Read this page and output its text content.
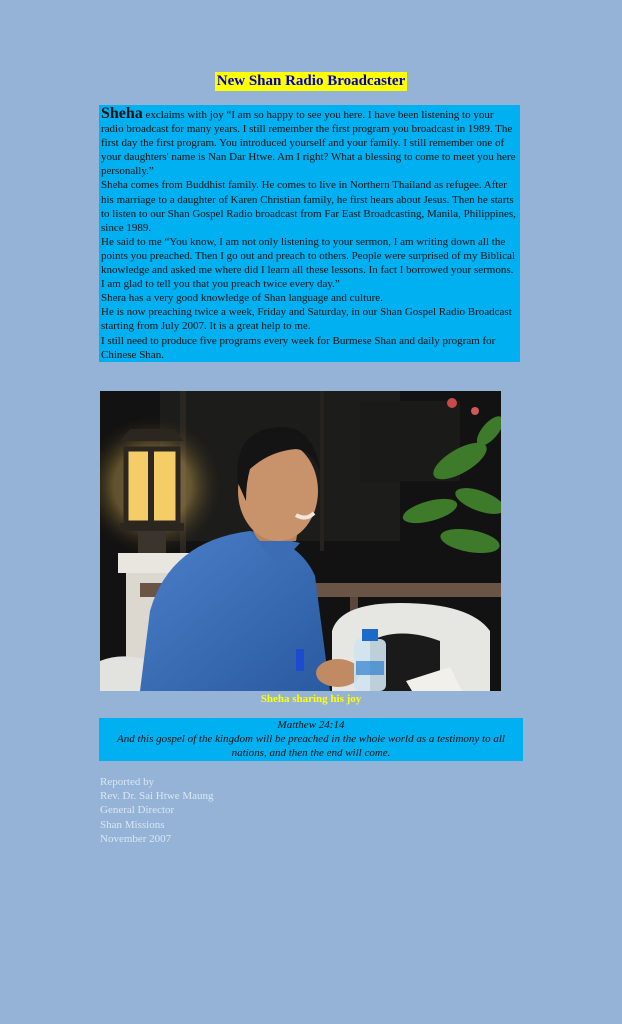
New Shan Radio Broadcaster

Sheha exclaims with joy “I am so happy to see you here. I have been listening to your radio broadcast for many years. I still remember the first program you broadcast in 1989. The first day the first program. You introduced yourself and your family. I still remember one of your daughters' name is Nan Dar Htwe. Am I right? What a blessing to come to meet you here personally.”

Sheha comes from Buddhist family. He comes to live in Northern Thailand as refugee. After his marriage to a daughter of Karen Christian family, he first hears about Jesus. Then he starts to listen to our Shan Gospel Radio broadcast from Far East Broadcasting, Manila, Philippines, since 1989.

He said to me “You know, I am not only listening to your sermon, I am writing down all the points you preached. Then I go out and preach to others. People were surprised of my Biblical knowledge and asked me where did I learn all these lessons. In fact I borrowed your sermons. I am glad to tell you that you preach twice every day.”

Shera has a very good knowledge of Shan language and culture.

He is now preaching twice a week, Friday and Saturday, in our Shan Gospel Radio Broadcast starting from July 2007. It is a great help to me.

I still need to produce five programs every week for Burmese Shan and daily program for Chinese Shan.

Sheha sharing his joy
Matthew 24:14
And this gospel of the kingdom will be preached in the whole world as a testimony to all nations, and then the end will come.
Reported by
Rev. Dr. Sai Htwe Maung
General Director
Shan Missions
November 2007
